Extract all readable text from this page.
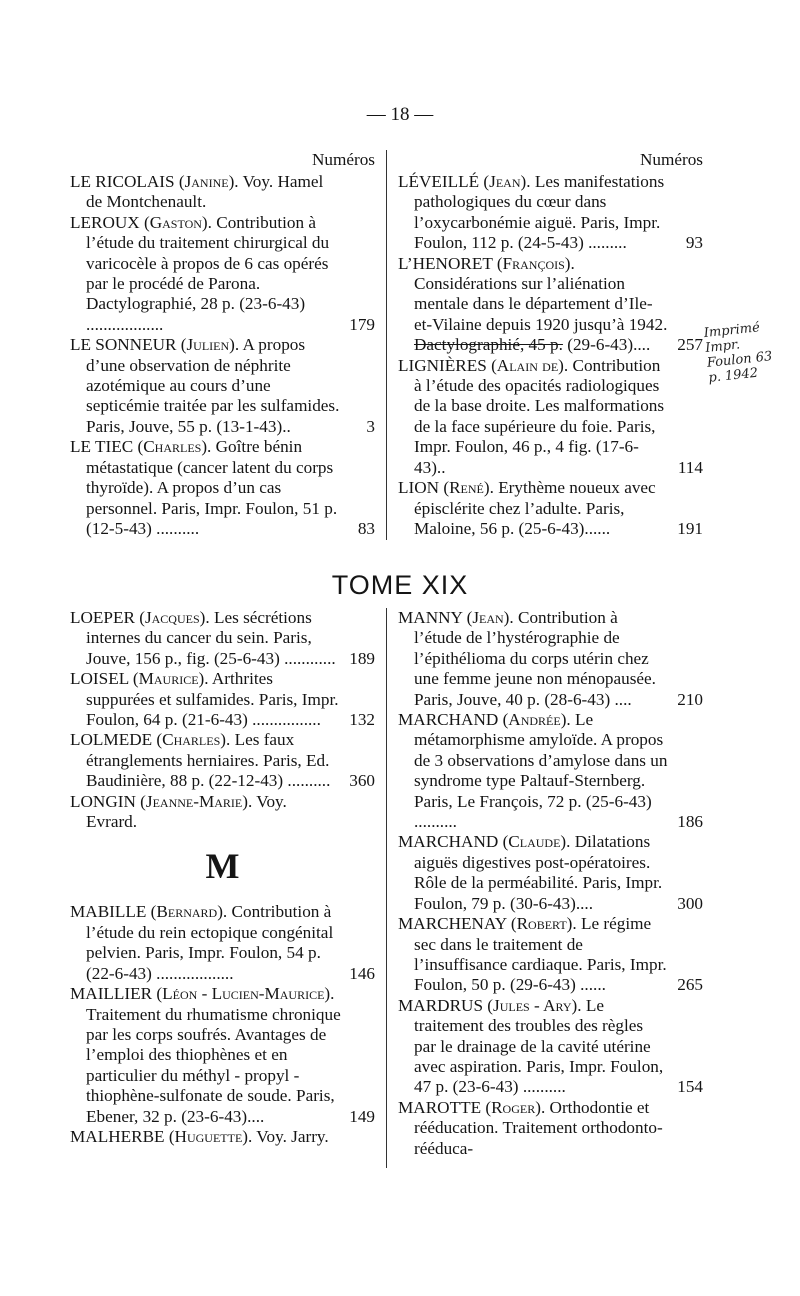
— 18 —
Numéros	Numéros
LE RICOLAIS (Janine). Voy. Hamel de Montchenault.
LEROUX (Gaston). Contribution à l’étude du traitement chirurgical du varicocèle à propos de 6 cas opérés par le procédé de Parona. Dactylographié, 28 p. (23-6-43) ..................	179
LE SONNEUR (Julien). A propos d’une observation de néphrite azotémique au cours d’une septicémie traitée par les sulfamides. Paris, Jouve, 55 p. (13-1-43)..	3
LE TIEC (Charles). Goître bénin métastatique (cancer latent du corps thyroïde). A propos d’un cas personnel. Paris, Impr. Foulon, 51 p. (12-5-43) ..........	83
LÉVEILLÉ (Jean). Les manifestations pathologiques du cœur dans l’oxycarbonémie aiguë. Paris, Impr. Foulon, 112 p. (24-5-43) .........	93
L’HENORET (François). Considérations sur l’aliénation mentale dans le département d’Ile-et-Vilaine depuis 1920 jusqu’à 1942. Dactylographié, 45 p. (29-6-43)....	257
LIGNIÈRES (Alain de). Contribution à l’étude des opacités radiologiques de la base droite. Les malformations de la face supérieure du foie. Paris, Impr. Foulon, 46 p., 4 fig. (17-6-43)..	114
LION (René). Erythème noueux avec épisclérite chez l’adulte. Paris, Maloine, 56 p. (25-6-43)......	191
Imprimé Impr. Foulon 63 p. 1942
TOME XIX
LOEPER (Jacques). Les sécrétions internes du cancer du sein. Paris, Jouve, 156 p., fig. (25-6-43) ............ 189
LOISEL (Maurice). Arthrites suppurées et sulfamides. Paris, Impr. Foulon, 64 p. (21-6-43) ................	132
LOLMEDE (Charles). Les faux étranglements herniaires. Paris, Ed. Baudinière, 88 p. (22-12-43) ..........	360
LONGIN (Jeanne-Marie). Voy. Evrard.
M
MABILLE (Bernard). Contribution à l’étude du rein ectopique congénital pelvien. Paris, Impr. Foulon, 54 p. (22-6-43) ..................	146
MAILLIER (Léon - Lucien-Maurice). Traitement du rhumatisme chronique par les corps soufrés. Avantages de l’emploi des thiophènes et en particulier du méthyl - propyl - thiophène-sulfonate de soude. Paris, Ebener, 32 p. (23-6-43)....	149
MALHERBE (Huguette). Voy. Jarry.
MANNY (Jean). Contribution à l’étude de l’hystérographie de l’épithélioma du corps utérin chez une femme jeune non ménopausée. Paris, Jouve, 40 p. (28-6-43) ....	210
MARCHAND (Andrée). Le métamorphisme amyloïde. A propos de 3 observations d’amylose dans un syndrome type Paltauf-Sternberg. Paris, Le François, 72 p. (25-6-43) ..........	186
MARCHAND (Claude). Dilatations aiguës digestives post-opératoires. Rôle de la perméabilité. Paris, Impr. Foulon, 79 p. (30-6-43)....	300
MARCHENAY (Robert). Le régime sec dans le traitement de l’insuffisance cardiaque. Paris, Impr. Foulon, 50 p. (29-6-43) ......	265
MARDRUS (Jules - Ary). Le traitement des troubles des règles par le drainage de la cavité utérine avec aspiration. Paris, Impr. Foulon, 47 p. (23-6-43) ..........	154
MAROTTE (Roger). Orthodontie et rééducation. Traitement orthodonto-rééduca-
